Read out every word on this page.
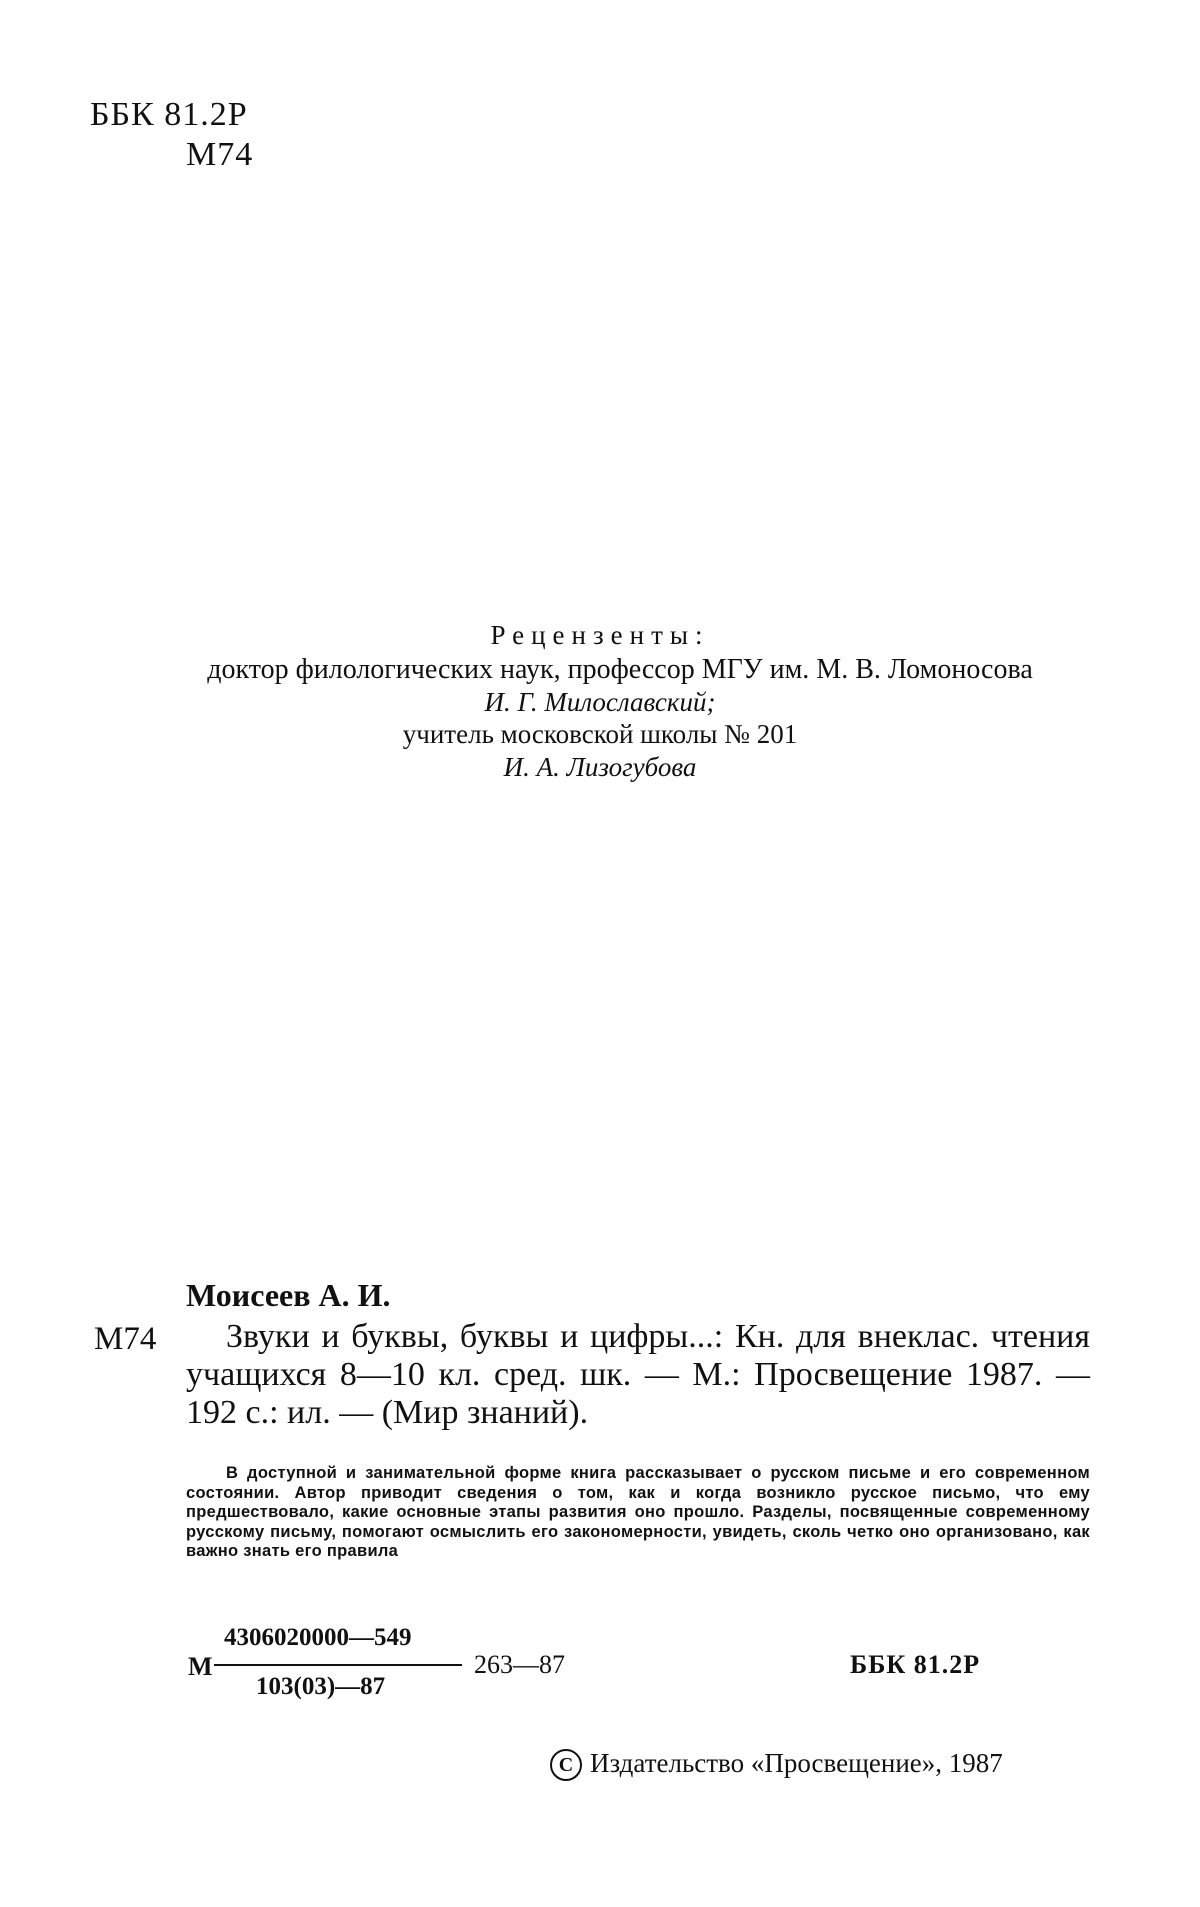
ББК 81.2Р
М74
Рецензенты:
доктор филологических наук, профессор МГУ им. М. В. Ломоносова
И. Г. Милославский;
учитель московской школы № 201
И. А. Лизогубова
Моисеев А. И.
М74	Звуки и буквы, буквы и цифры...: Кн. для внеклас. чтения учащихся 8—10 кл. сред. шк. — М.: Просвещение 1987. — 192 с.: ил. — (Мир знаний).
В доступной и занимательной форме книга рассказывает о русском письме и его современном состоянии. Автор приводит сведения о том, как и когда возникло русское письмо, что ему предшествовало, какие основные этапы развития оно прошло. Разделы, посвященные современному русскому письму, помогают осмыслить его закономерности, увидеть, сколь четко оно организовано, как важно знать его правила
М
4306020000—549
103(03)—87
263—87	ББК 81.2Р
C Издательство «Просвещение», 1987
